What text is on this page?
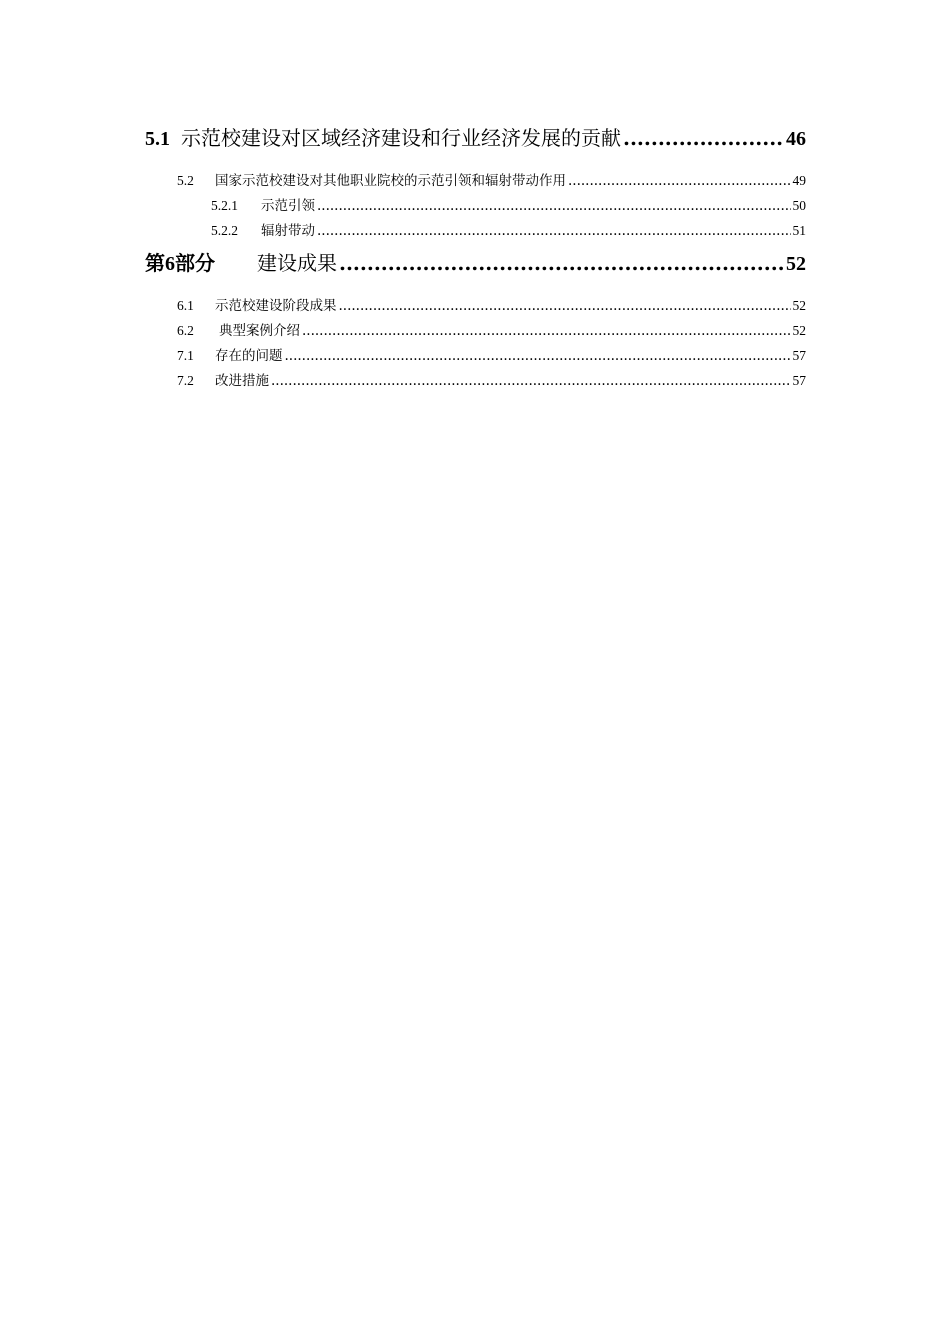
5.1 示范校建设对区域经济建设和行业经济发展的贡献 .....	46
5.2	国家示范校建设对其他职业院校的示范引领和辐射带动作用 .....	49
5.2.1	示范引领 .....	50
5.2.2	辐射带动 .....	51
第6部分	建设成果 .....	52
6.1	示范校建设阶段成果 .....	52
6.2	典型案例介绍 .....	52
7.1	存在的问题 .....	57
7.2	改进措施 .....	57
